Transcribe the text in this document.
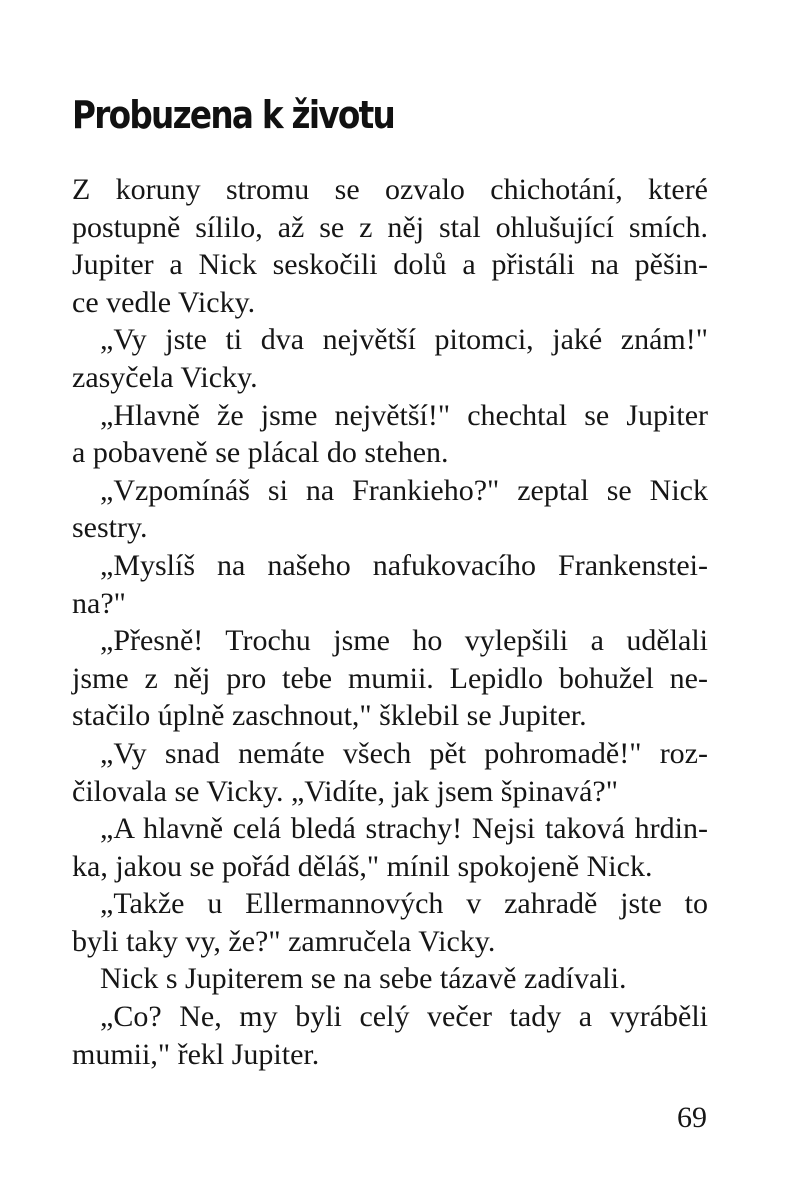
Probuzena k životu
Z koruny stromu se ozvalo chichotání, které
postupně sílilo, až se z něj stal ohlušující smích.
Jupiter a Nick seskočili dolů a přistáli na pěšin-
ce vedle Vicky.
„Vy jste ti dva největší pitomci, jaké znám!"
zasyčela Vicky.
„Hlavně že jsme největší!" chechtal se Jupiter
a pobaveně se plácal do stehen.
„Vzpomínáš si na Frankieho?" zeptal se Nick
sestry.
„Myslíš na našeho nafukovacího Frankenstei-
na?"
„Přesně! Trochu jsme ho vylepšili a udělali
jsme z něj pro tebe mumii. Lepidlo bohužel ne-
stačilo úplně zaschnout," šklebil se Jupiter.
„Vy snad nemáte všech pět pohromadě!" roz-
čilovala se Vicky. „Vidíte, jak jsem špinavá?"
„A hlavně celá bledá strachy! Nejsi taková hrdin-
ka, jakou se pořád děláš," mínil spokojeně Nick.
„Takže u Ellermannových v zahradě jste to
byli taky vy, že?" zamručela Vicky.
Nick s Jupiterem se na sebe tázavě zadívali.
„Co? Ne, my byli celý večer tady a vyráběli
mumii," řekl Jupiter.
69
